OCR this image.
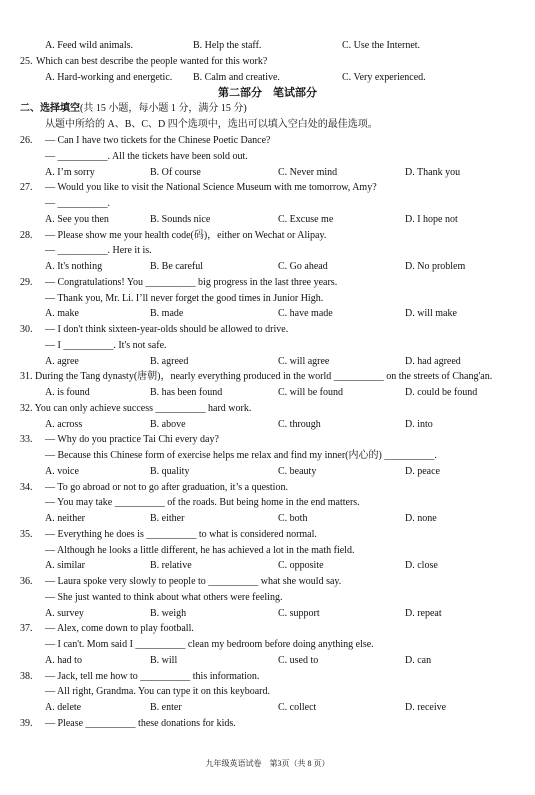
A. Feed wild animals.	B. Help the staff.	C. Use the Internet.
25. Which can best describe the people wanted for this work?
A. Hard-working and energetic. B. Calm and creative.	C. Very experienced.
第二部分　笔试部分
二、选择填空(共 15 小题，每小题 1 分，满分 15 分)
从题中所给的 A、B、C、D 四个选项中，选出可以填入空白处的最佳选项。
26. — Can I have two tickets for the Chinese Poetic Dance?
— __________. All the tickets have been sold out.
A. I’m sorry	B. Of course	C. Never mind	D. Thank you
27. — Would you like to visit the National Science Museum with me tomorrow, Amy?
— __________.
A. See you then	B. Sounds nice	C. Excuse me	D. I hope not
28. — Please show me your health code(码)，either on Wechat or Alipay.
— __________. Here it is.
A. It's nothing	B. Be careful	C. Go ahead	D. No problem
29. — Congratulations! You __________ big progress in the last three years.
— Thank you, Mr. Li. I’ll never forget the good times in Junior High.
A. make	B. made	C. have made	D. will make
30. — I don't think sixteen-year-olds should be allowed to drive.
— I __________. It's not safe.
A. agree	B. agreed	C. will agree	D. had agreed
31. During the Tang dynasty(唐朝)，nearly everything produced in the world __________ on the streets of Chang'an.
A. is found	B. has been found	C. will be found	D. could be found
32. You can only achieve success __________ hard work.
A. across	B. above	C. through	D. into
33. — Why do you practice Tai Chi every day?
— Because this Chinese form of exercise helps me relax and find my inner(内心的) __________.
A. voice	B. quality	C. beauty	D. peace
34. — To go abroad or not to go after graduation, it’s a question.
— You may take __________ of the roads. But being home in the end matters.
A. neither	B. either	C. both	D. none
35. — Everything he does is __________ to what is considered normal.
— Although he looks a little different, he has achieved a lot in the math field.
A. similar	B. relative	C. opposite	D. close
36. — Laura spoke very slowly to people to __________ what she would say.
— She just wanted to think about what others were feeling.
A. survey	B. weigh	C. support	D. repeat
37. — Alex, come down to play football.
— I can't. Mom said I __________ clean my bedroom before doing anything else.
A. had to	B. will	C. used to	D. can
38. — Jack, tell me how to __________ this information.
— All right, Grandma. You can type it on this keyboard.
A. delete	B. enter	C. collect	D. receive
39. — Please __________ these donations for kids.
九年级英语试卷　第3页（共 8 页）
